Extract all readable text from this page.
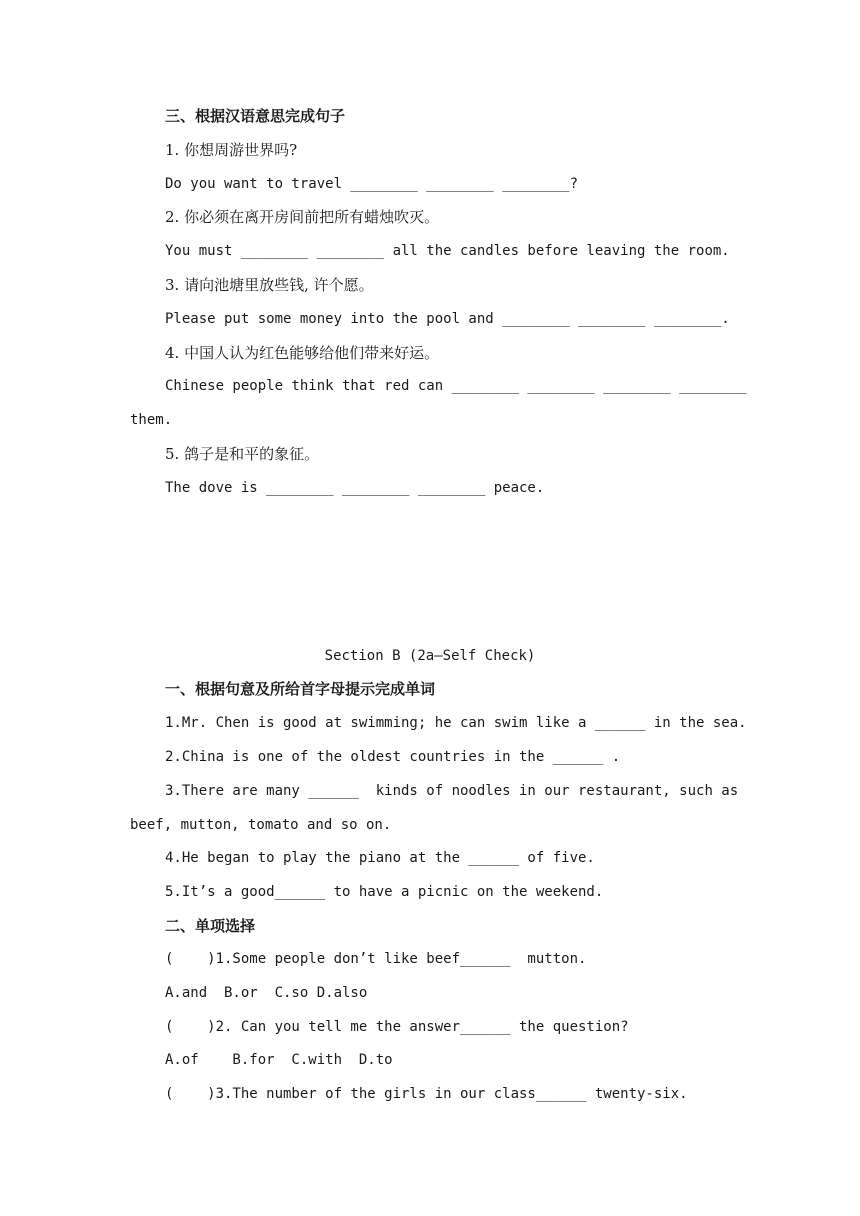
三、根据汉语意思完成句子
1. 你想周游世界吗?
Do you want to travel ________ ________ ________?
2. 你必须在离开房间前把所有蜡烛吹灭。
You must ________ ________ all the candles before leaving the room.
3. 请向池塘里放些钱, 许个愿。
Please put some money into the pool and ________ ________ ________.
4. 中国人认为红色能够给他们带来好运。
Chinese people think that red can ________ ________ ________ ________
them.
5. 鸽子是和平的象征。
The dove is ________ ________ ________ peace.
Section B (2a—Self Check)
一、根据句意及所给首字母提示完成单词
1.Mr. Chen is good at swimming; he can swim like a ______ in the sea.
2.China is one of the oldest countries in the ______ .
3.There are many ______  kinds of noodles in our restaurant, such as
beef, mutton, tomato and so on.
4.He began to play the piano at the ______ of five.
5.It’s a good______ to have a picnic on the weekend.
二、单项选择
(    )1.Some people don’t like beef______  mutton.
A.and  B.or  C.so D.also
(    )2. Can you tell me the answer______ the question?
A.of    B.for  C.with  D.to
(    )3.The number of the girls in our class______ twenty-six.
